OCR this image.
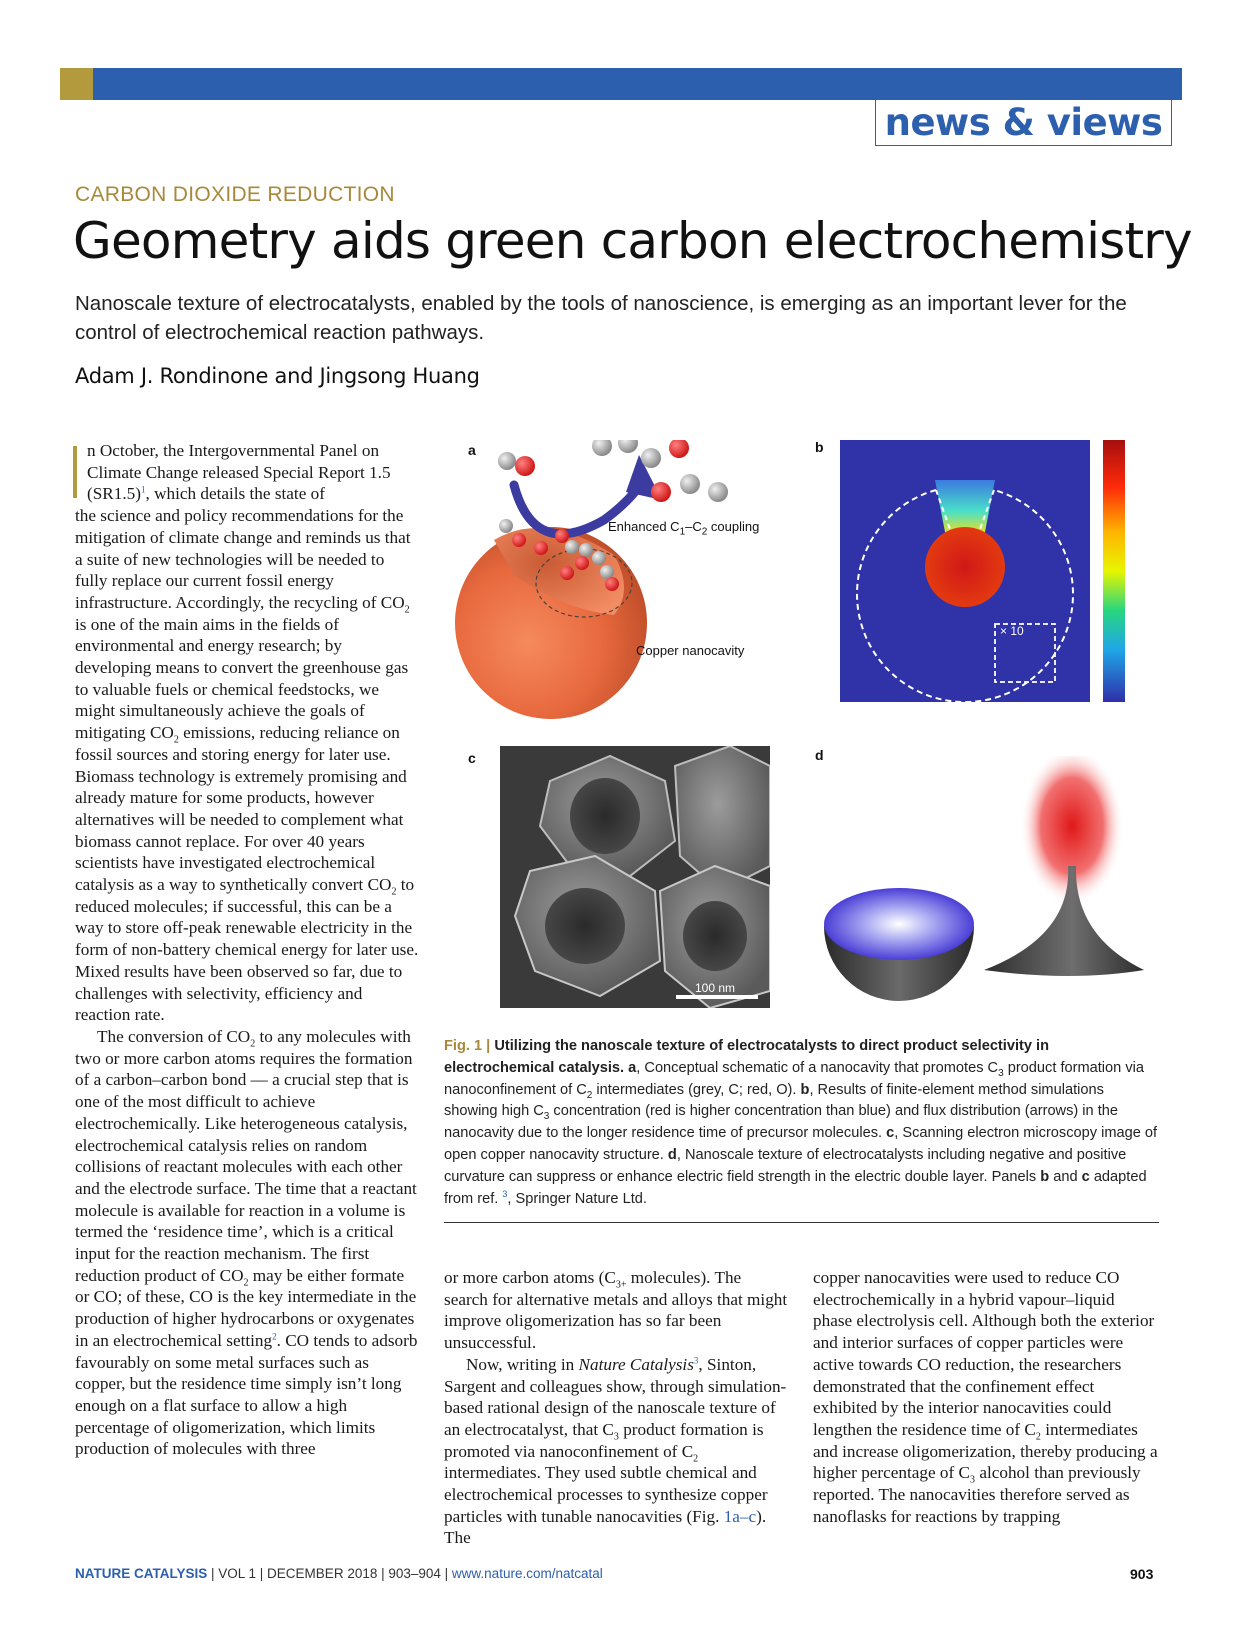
news & views
CARBON DIOXIDE REDUCTION
Geometry aids green carbon electrochemistry
Nanoscale texture of electrocatalysts, enabled by the tools of nanoscience, is emerging as an important lever for the control of electrochemical reaction pathways.
Adam J. Rondinone and Jingsong Huang

n October, the Intergovernmental Panel on Climate Change released Special Report 1.5 $(SR1.5)^1$, which details the state of

the science and policy recommendations for the mitigation of climate change and reminds us that a suite of new technologies will be needed to fully replace our current fossil energy infrastructure. Accordingly, the recycling of $CO_2$ is one of the main aims in the fields of environmental and energy research; by developing means to convert the greenhouse gas to valuable fuels or chemical feedstocks, we might simultaneously achieve the goals of mitigating $CO_2$ emissions, reducing reliance on fossil sources and storing energy for later use. Biomass technology is extremely promising and already mature for some products, however alternatives will be needed to complement what biomass cannot replace. For over 40 years scientists have investigated electrochemical catalysis as a way to synthetically convert $CO_2$ to reduced molecules; if successful, this can be a way to store off-peak renewable electricity in the form of non-battery chemical energy for later use. Mixed results have been observed so far, due to challenges with selectivity, efficiency and reaction rate.

The conversion of $CO_2$ to any molecules with two or more carbon atoms requires the formation of a carbon–carbon bond — a crucial step that is one of the most difficult to achieve electrochemically. Like heterogeneous catalysis, electrochemical catalysis relies on random collisions of reactant molecules with each other and the electrode surface. The time that a reactant molecule is available for reaction in a volume is termed the ‘residence time’, which is a critical input for the reaction mechanism. The first reduction product of $CO_2$ may be either formate or CO; of these, CO is the key intermediate in the production of higher hydrocarbons or oxygenates in an electrochemical setting$^2$. CO tends to adsorb favourably on some metal surfaces such as copper, but the residence time simply isn’t long enough on a flat surface to allow a high percentage of oligomerization, which limits production of molecules with three

a	b
c	d
Enhanced $C_1-C_2$ coupling
Copper nanocavity
× 10
100 nm
Fig. 1 | Utilizing the nanoscale texture of electrocatalysts to direct product selectivity in electrochemical catalysis. a, Conceptual schematic of a nanocavity that promotes $C_3$ product formation via nanoconfinement of $C_2$ intermediates (grey, C; red, O). b, Results of finite-element method simulations showing high $C_3$ concentration (red is higher concentration than blue) and flux distribution (arrows) in the nanocavity due to the longer residence time of precursor molecules. c, Scanning electron microscopy image of open copper nanocavity structure. d, Nanoscale texture of electrocatalysts including negative and positive curvature can suppress or enhance electric field strength in the electric double layer. Panels b and c adapted from ref. $^3$, Springer Nature Ltd.

or more carbon atoms ($C_{3+}$ molecules). The search for alternative metals and alloys that might improve oligomerization has so far been unsuccessful.

Now, writing in Nature Catalysis$^3$, Sinton, Sargent and colleagues show, through simulation-based rational design of the nanoscale texture of an electrocatalyst, that $C_3$ product formation is promoted via nanoconfinement of $C_2$ intermediates. They used subtle chemical and electrochemical processes to synthesize copper particles with tunable nanocavities (Fig. 1a–c). The

copper nanocavities were used to reduce CO electrochemically in a hybrid vapour–liquid phase electrolysis cell. Although both the exterior and interior surfaces of copper particles were active towards CO reduction, the researchers demonstrated that the confinement effect exhibited by the interior nanocavities could lengthen the residence time of $C_2$ intermediates and increase oligomerization, thereby producing a higher percentage of $C_3$ alcohol than previously reported. The nanocavities therefore served as nanoflasks for reactions by trapping

NATURE CATALYSIS | VOL 1 | DECEMBER 2018 | 903–904 | www.nature.com/natcatal	903
